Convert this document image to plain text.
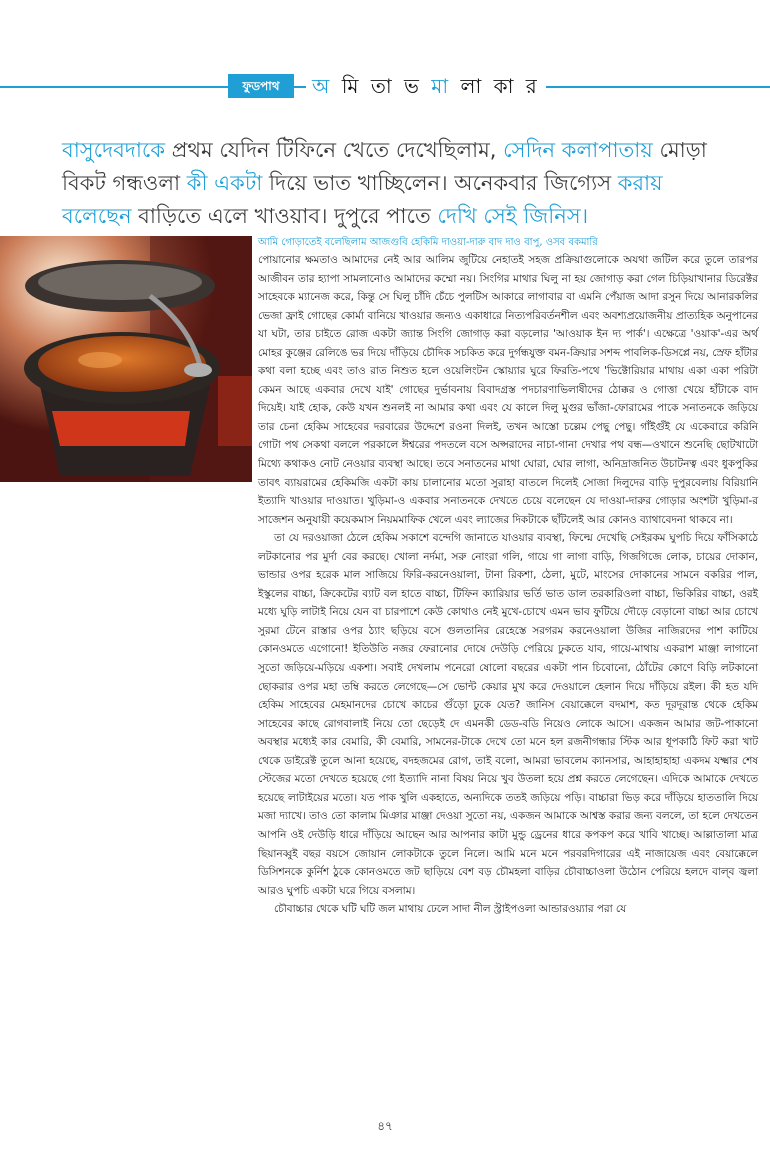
ফুডপাথ	অ মি তা ভ মা লা কা র
বাসুদেবদাকে প্রথম যেদিন টিফিনে খেতে দেখেছিলাম, সেদিন কলাপাতায় মোড়া বিকট গন্ধওলা কী একটা দিয়ে ভাত খাচ্ছিলেন। অনেকবার জিগ্যেস করায় বলেছেন বাড়িতে এলে খাওয়াব। দুপুরে পাতে দেখি সেই জিনিস।
আমি গোড়াতেই বলেছিলাম আজগুবি হেকিমি দাওয়া-দারু বাদ দাও বাপু, ওসব বকমারি

পোয়ানোর ক্ষমতাও আমাদের নেই আর আলিম জুটিয়ে নেহাতই সহজ প্রক্রিয়াগুলোকে অযথা জটিল করে তুলে তারপর আজীবন তার হ্যাপা সামলানোও আমাদের কম্মো নয়। সিংগির মাথার ঘিলু না হয় জোগাড় করা গেল চিড়িয়াখানার ডিরেক্টর সাহেবকে ম্যানেজ করে, কিন্তু সে ঘিলু চাঁদি চেঁচে পুলটিস আকারে লাগাবার বা এমনি পেঁয়াজ আদা রসুন দিয়ে আনারকলির ভেজা ফ্রাই গোছের কোর্মা বানিয়ে খাওয়ার জন্যও একাধারে নিত্যপরিবর্তনশীল এবং অবশ্যপ্রয়োজনীয় প্রাত্যহিক অনুপানের যা ঘটা, তার চাইতে রোজ একটা জ্যান্ত সিংগি জোগাড় করা বড়লোর 'আওয়াক ইন দ্য পার্ক'। এক্ষেত্রে 'ওয়াক'-এর অর্থ মোহর কুঞ্জের রেলিঙে ভর দিয়ে দাঁড়িয়ে চৌদিক সচকিত করে দুর্গন্ধযুক্ত বমন-ক্রিয়ার সশব্দ পাবলিক-ডিসপ্লে নয়, স্রেফ হাঁটার কথা বলা হচ্ছে এবং তাও রাত নিশুত হলে ওয়েলিংটন স্কোয়্যার ঘুরে ফিরতি-পথে 'ভিক্টোরিয়ার মাথায় একা একা পরিটা কেমন আছে একবার দেখে যাই' গোছের দুর্ভাবনায় বিবাদগ্রস্ত পদচারণাভিলাষীদের ঠোক্কর ও গোত্তা খেয়ে হাঁটাকে বাদ দিয়েই। যাই হোক, কেউ যখন শুনলই না আমার কথা এবং যে কালে দিলু মুগুর ভাঁজা-ফোরামের পাকে সনাতনকে জড়িয়ে তার চেনা হেকিম সাহেবের দরবারের উদ্দেশে রওনা দিলই, তখন আস্তো চল্লেম পেছু পেছু। গাঁইগুঁই যে একেবারে করিনি গোটা পথ সেকথা বললে পরকালে ঈশ্বরের পদতলে বসে অপ্সরাদের নাচা-গানা দেখার পথ বন্ধ—ওখানে শুনেছি ছোটখাটো মিথ্যে কথাকও নোট নেওয়ার ব্যবস্থা আছে। তবে সনাতনের মাথা ঘোরা, ঘোর লাগা, অনিদ্রাজনিত উচাটনত্ব এবং ধুকপুকির তাবৎ ব্যায়রামের হেকিমজি একটা কায় চালানোর মতো সুরাহা বাতলে দিলেই সোজা দিলুদের বাড়ি দুপুরবেলায় বিরিয়ানি ইত্যাদি খাওয়ার দাওয়াত। খুড়িমা-ও একবার সনাতনকে দেখতে চেয়ে বলেছেন যে দাওয়া-দারুর গোড়ার অংশটা খুড়িমা-র সাজেশন অনুযায়ী কয়েকমাস নিয়মমাফিক খেলে এবং ল্যাজের দিকটাকে ছাঁটলেই আর কোনও ব্যাথাবেদনা থাকবে না।

তা যে দরওয়াজা ঠেলে হেকিম সকাশে বন্দেগি জানাতে যাওয়ার ব্যবস্থা, ফিল্মে দেখেছি সেইরকম ঘুপচি দিয়ে ফাঁসিকাঠে লটকানোর পর মুর্দা বের করছে। খোলা নর্দমা, সরু নোংরা গলি, গায়ে গা লাগা বাড়ি, গিজগিজে লোক, চায়ের দোকান, ভান্ডার ওপর হরেক মাল সাজিয়ে ফিরি-করনেওয়ালা, টানা রিকশা, ঠেলা, মুটে, মাংসের দোকানের সামনে বকরির পাল, ইস্কুলের বাচ্চা, ক্রিকেটের ব্যাট বল হাতে বাচ্চা, টিফিন ক্যারিয়ার ভর্তি ভাত ডাল তরকারিওলা বাচ্চা, ভিকিরির বাচ্চা, ওরই মধ্যে ঘুড়ি লাটাই নিয়ে যেন বা চারপাশে কেউ কোথাও নেই মুখে-চোখে এমন ভাব ফুটিয়ে দৌড়ে বেড়ানো বাচ্চা আর চোখে সুরমা টেনে রাস্তার ওপর ঠ্যাং ছড়িয়ে বসে গুলতানির রেহেস্তে সরগরম করনেওয়ালা উজির নাজিরদের পাশ কাটিয়ে কোনওমতে এগোনো! ইতিউতি নজর ফেরানোর দোষে দেউড়ি পেরিয়ে ঢুকতে যাব, গায়ে-মাথায় একরাশ মাঞ্জা লাগানো সুতো জড়িয়ে-মড়িয়ে একশা। সবাই দেখলাম পনেরো ষোলো বছরের একটা পান চিবোনো, ঠোঁটের কোণে বিড়ি লটকানো ছোকরার ওপর মহা তম্বি করতে লেগেছে—সে ভোন্ট কেয়ার মুখ করে দেওয়ালে হেলান দিয়ে দাঁড়িয়ে রইল। কী হত যদি হেকিম সাহেবের মেহমানদের চোখে কাচের গুঁড়ো ঢুকে যেত? জানিস বেয়াক্কেলে বদমাশ, কত দূরদূরান্ত থেকে হেকিম সাহেবের কাছে রোগবালাই নিয়ে তো ছেড়েই দে এমনকী ডেড-বডি নিয়েও লোকে আসে। একজন আমার জট-পাকানো অবস্থার মধ্যেই কার বেমারি, কী বেমারি, সামনের-টাকে দেখে তো মনে হল রজনীগন্ধার স্টিক আর ধূপকাঠি ফিট করা খাট থেকে ডাইরেক্ট তুলে আনা হয়েছে, বদহজমের রোগ, তাই বলো, আমরা ভাবলেম ক্যানসার, আহাহাহাহা একদম যক্ষ্মার শেষ স্টেজের মতো দেখতে হয়েছে গো ইত্যাদি নানা বিষয় নিয়ে খুব উতলা হয়ে প্রশ্ন করতে লেগেছেন। এদিকে আমাকে দেখতে হয়েছে লাটাইয়ের মতো। যত পাক খুলি একহাতে, অন্যদিকে ততই জড়িয়ে পড়ি। বাচ্চারা ভিড় করে দাঁড়িয়ে হাততালি দিয়ে মজা দ্যাখে। তাও তো কালাম মিঞার মাঞ্জা দেওয়া সুতো নয়, একজন আমাকে আশ্বস্ত করার জন্য বললে, তা হলে দেখতেন আপনি ওই দেউড়ি ধারে দাঁড়িয়ে আছেন আর আপনার কাটা মুন্ডু ড্রেনের ধারে কপকপ করে খাবি খাচ্ছে। আল্লাতালা মাত্র ছিয়ানব্বুই বছর বয়সে জোয়ান লোকটাকে তুলে নিলে। আমি মনে মনে পরবরদিগারের এই নাজায়েজ এবং বেয়াক্কেলে ডিসিশনকে কুর্নিশ ঠুকে কোনওমতে জট ছাড়িয়ে বেশ বড় চৌমহলা বাড়ির চৌবাচ্চাওলা উঠোন পেরিয়ে হলদে বাল্‌ব জ্বলা আরও ঘুপচি একটা ঘরে গিয়ে বসলাম।

চৌবাচ্চার থেকে ঘটি ঘটি জল মাথায় ঢেলে সাদা নীল স্ট্রাইপওলা আন্ডারওয়্যার পরা যে

৪৭
